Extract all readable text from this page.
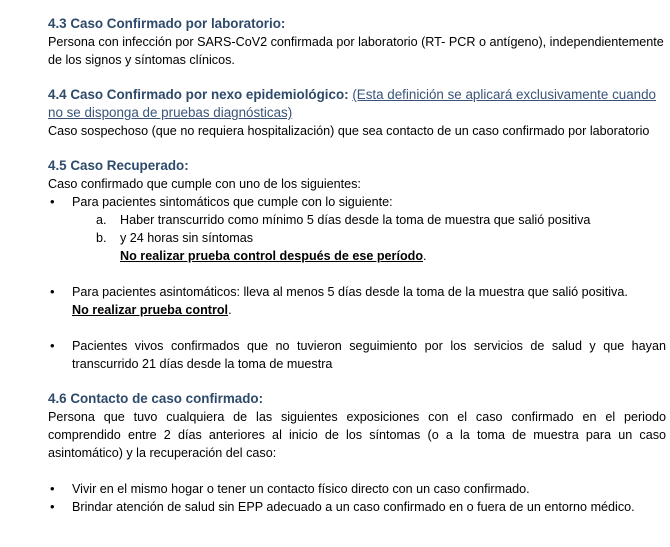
4.3 Caso Confirmado por laboratorio:
Persona con infección por SARS-CoV2 confirmada por laboratorio (RT- PCR o antígeno), independientemente de los signos y síntomas clínicos.
4.4 Caso Confirmado por nexo epidemiológico: (Esta definición se aplicará exclusivamente cuando no se disponga de pruebas diagnósticas)
Caso sospechoso (que no requiera hospitalización) que sea contacto de un caso confirmado por laboratorio
4.5 Caso Recuperado:
Caso confirmado que cumple con uno de los siguientes:
• Para pacientes sintomáticos que cumple con lo siguiente:
a. Haber transcurrido como mínimo 5 días desde la toma de muestra que salió positiva
b. y 24 horas sin síntomas
No realizar prueba control después de ese período.
• Para pacientes asintomáticos: lleva al menos 5 días desde la toma de la muestra que salió positiva.
No realizar prueba control.
• Pacientes vivos confirmados que no tuvieron seguimiento por los servicios de salud y que hayan transcurrido 21 días desde la toma de muestra
4.6 Contacto de caso confirmado:
Persona que tuvo cualquiera de las siguientes exposiciones con el caso confirmado en el periodo comprendido entre 2 días anteriores al inicio de los síntomas (o a la toma de muestra para un caso asintomático) y la recuperación del caso:
• Vivir en el mismo hogar o tener un contacto físico directo con un caso confirmado.
• Brindar atención de salud sin EPP adecuado a un caso confirmado en o fuera de un entorno médico.
